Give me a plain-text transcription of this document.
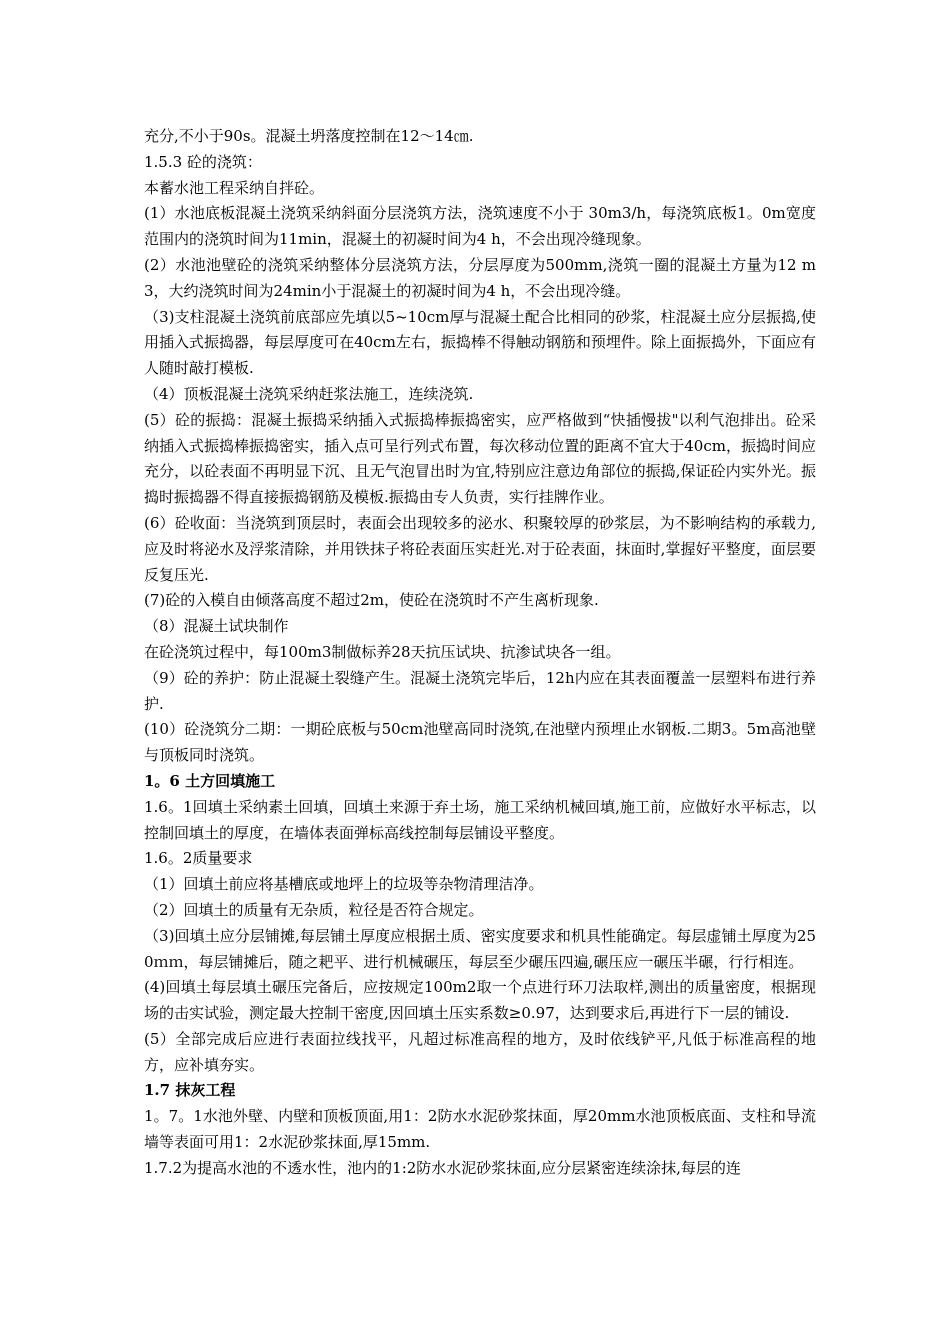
充分,不小于90s。混凝土坍落度控制在12～14㎝.

1.5.3 砼的浇筑：

本蓄水池工程采纳自拌砼。

(1）水池底板混凝土浇筑采纳斜面分层浇筑方法，浇筑速度不小于 30m3/h，每浇筑底板1。0m宽度范围内的浇筑时间为11min，混凝土的初凝时间为4 h，不会出现冷缝现象。

(2）水池池壁砼的浇筑采纳整体分层浇筑方法，分层厚度为500mm,浇筑一圈的混凝土方量为12 m3，大约浇筑时间为24min小于混凝土的初凝时间为4 h，不会出现冷缝。

（3)支柱混凝土浇筑前底部应先填以5~10cm厚与混凝土配合比相同的砂浆，柱混凝土应分层振捣,使用插入式振捣器，每层厚度可在40cm左右，振捣棒不得触动钢筋和预埋件。除上面振捣外，下面应有人随时敲打模板.

（4）顶板混凝土浇筑采纳赶浆法施工，连续浇筑.

(5）砼的振捣：混凝土振捣采纳插入式振捣棒振捣密实，应严格做到“快插慢拔"以利气泡排出。砼采纳插入式振捣棒振捣密实，插入点可呈行列式布置，每次移动位置的距离不宜大于40cm，振捣时间应充分，以砼表面不再明显下沉、且无气泡冒出时为宜,特别应注意边角部位的振捣,保证砼内实外光。振捣时振捣器不得直接振捣钢筋及模板.振捣由专人负责，实行挂牌作业。

(6）砼收面：当浇筑到顶层时，表面会出现较多的泌水、积聚较厚的砂浆层，为不影响结构的承载力,应及时将泌水及浮浆清除，并用铁抹子将砼表面压实赶光.对于砼表面，抹面时,掌握好平整度，面层要反复压光.

(7)砼的入模自由倾落高度不超过2m，使砼在浇筑时不产生离析现象.

（8）混凝土试块制作

在砼浇筑过程中，每100m3制做标养28天抗压试块、抗渗试块各一组。

（9）砼的养护：防止混凝土裂缝产生。混凝土浇筑完毕后，12h内应在其表面覆盖一层塑料布进行养护.

(10）砼浇筑分二期：一期砼底板与50cm池壁高同时浇筑,在池壁内预埋止水钢板.二期3。5m高池壁与顶板同时浇筑。

1。6 土方回填施工

1.6。1回填土采纳素土回填，回填土来源于弃土场，施工采纳机械回填,施工前，应做好水平标志，以控制回填土的厚度，在墙体表面弹标高线控制每层铺设平整度。

1.6。2质量要求

（1）回填土前应将基槽底或地坪上的垃圾等杂物清理洁净。

（2）回填土的质量有无杂质，粒径是否符合规定。

（3)回填土应分层铺摊,每层铺土厚度应根据土质、密实度要求和机具性能确定。每层虚铺土厚度为250ｍｍ，每层铺摊后，随之耙平、进行机械碾压，每层至少碾压四遍,碾压应一碾压半碾，行行相连。

(4)回填土每层填土碾压完备后，应按规定100m2取一个点进行环刀法取样,测出的质量密度，根据现场的击实试验，测定最大控制干密度,因回填土压实系数≥0.97，达到要求后,再进行下一层的铺设.

(5）全部完成后应进行表面拉线找平，凡超过标准高程的地方，及时依线铲平,凡低于标准高程的地方，应补填夯实。

1.7 抹灰工程

1。7。1水池外壁、内壁和顶板顶面,用1：2防水水泥砂浆抹面，厚20mm水池顶板底面、支柱和导流墙等表面可用1：2水泥砂浆抹面,厚15mm.

1.7.2为提高水池的不透水性，池内的1:2防水水泥砂浆抹面,应分层紧密连续涂抹,每层的连
